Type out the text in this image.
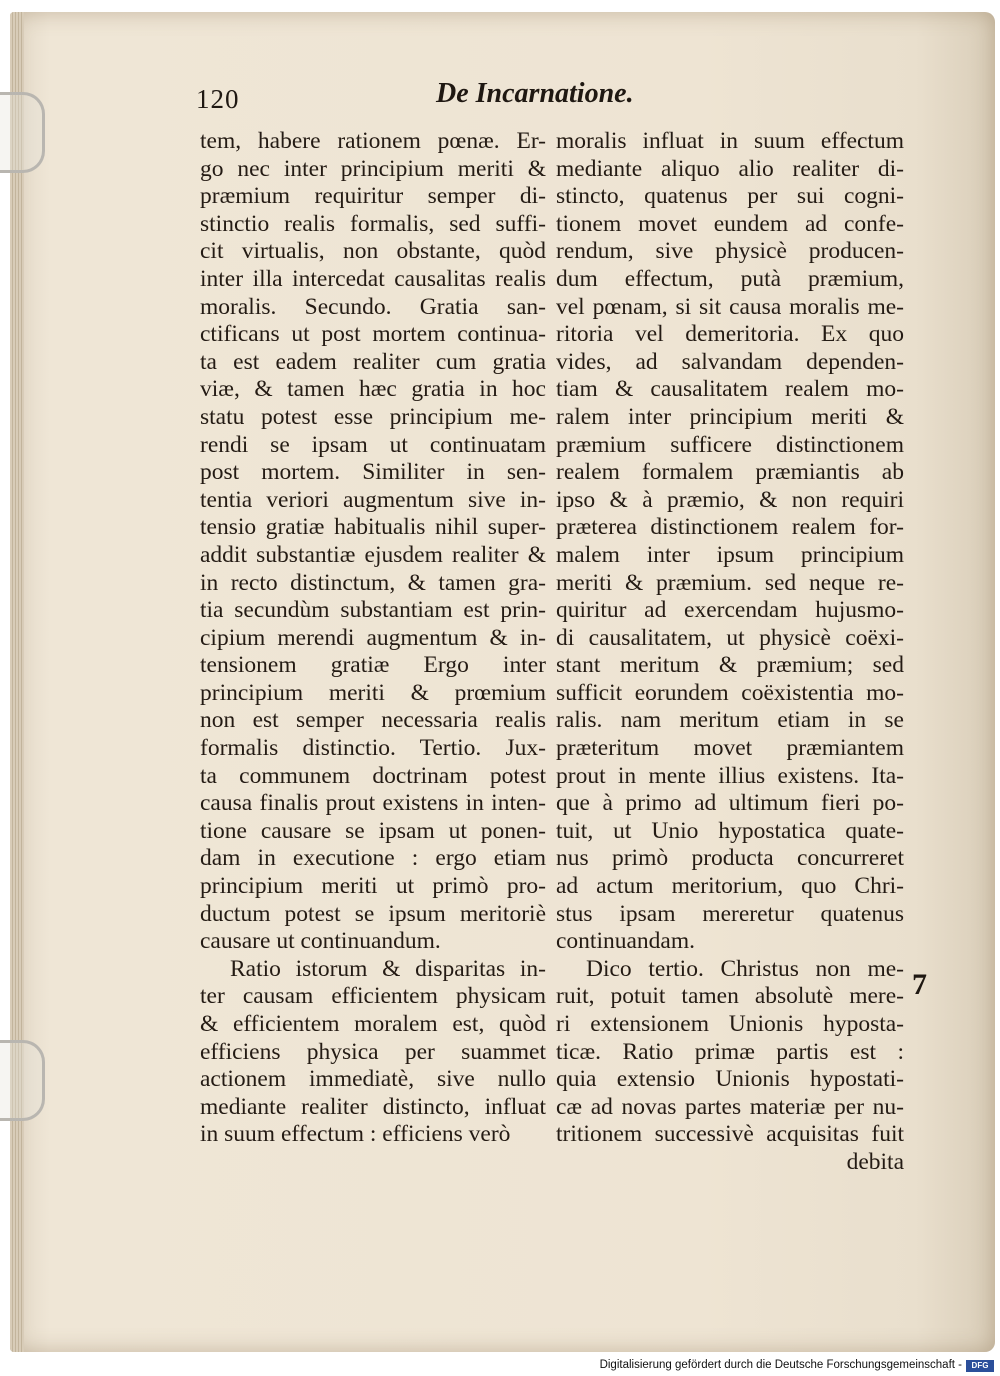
120	De Incarnatione.
tem, habere rationem pœnæ. Er-
go nec inter principium meriti &
præmium requiritur semper di-
stinctio realis formalis, sed suffi-
cit virtualis, non obstante, quòd
inter illa intercedat causalitas realis
moralis. Secundo. Gratia san-
ctificans ut post mortem continua-
ta est eadem realiter cum gratia
viæ, & tamen hæc gratia in hoc
statu potest esse principium me-
rendi se ipsam ut continuatam
post mortem. Similiter in sen-
tentia veriori augmentum sive in-
tensio gratiæ habitualis nihil super-
addit substantiæ ejusdem realiter &
in recto distinctum, & tamen gra-
tia secundùm substantiam est prin-
cipium merendi augmentum & in-
tensionem gratiæ Ergo inter
principium meriti & prœmium
non est semper necessaria realis
formalis distinctio. Tertio. Jux-
ta communem doctrinam potest
causa finalis prout existens in inten-
tione causare se ipsam ut ponen-
dam in executione : ergo etiam
principium meriti ut primò pro-
ductum potest se ipsum meritoriè
causare ut continuandum.
Ratio istorum & disparitas in-
ter causam efficientem physicam
& efficientem moralem est, quòd
efficiens physica per suammet
actionem immediatè, sive nullo
mediante realiter distincto, influat
in suum effectum : efficiens verò
moralis influat in suum effectum
mediante aliquo alio realiter di-
stincto, quatenus per sui cogni-
tionem movet eundem ad confe-
rendum, sive physicè producen-
dum effectum, putà præmium,
vel pœnam, si sit causa moralis me-
ritoria vel demeritoria. Ex quo
vides, ad salvandam dependen-
tiam & causalitatem realem mo-
ralem inter principium meriti &
præmium sufficere distinctionem
realem formalem præmiantis ab
ipso & à præmio, & non requiri
præterea distinctionem realem for-
malem inter ipsum principium
meriti & præmium. sed neque re-
quiritur ad exercendam hujusmo-
di causalitatem, ut physicè coëxi-
stant meritum & præmium; sed
sufficit eorundem coëxistentia mo-
ralis. nam meritum etiam in se
præteritum movet præmiantem
prout in mente illius existens. Ita-
que à primo ad ultimum fieri po-
tuit, ut Unio hypostatica quate-
nus primò producta concurreret
ad actum meritorium, quo Chri-
stus ipsam mereretur quatenus
continuandam.
Dico tertio. Christus non me-
ruit, potuit tamen absolutè mere-
ri extensionem Unionis hyposta-
ticæ. Ratio primæ partis est :
quia extensio Unionis hypostati-
cæ ad novas partes materiæ per nu-
tritionem successivè acquisitas fuit
debita
7
Digitalisierung gefördert durch die Deutsche Forschungsgemeinschaft -	DFG
